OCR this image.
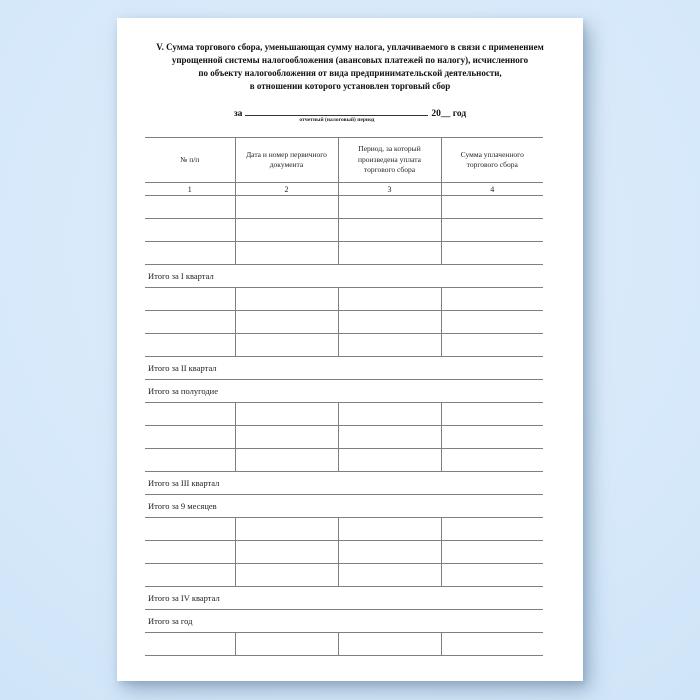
V. Сумма торгового сбора, уменьшающая сумму налога, уплачиваемого в связи с применением
упрощенной системы налогообложения (авансовых платежей по налогу), исчисленного
по объекту налогообложения от вида предпринимательской деятельности,
в отношении которого установлен торговый сбор
за
отчетный (налоговый) период
20__ год
№ п/п	Дата и номер первичного документа	Период, за который произведена уплата торгового сбора	Сумма уплаченного торгового сбора
1	2	3	4

Итого за I квартал			

Итого за II квартал			
Итого за полугодие			

Итого за III квартал			
Итого за 9 месяцев			

Итого за IV квартал			
Итого за год			
